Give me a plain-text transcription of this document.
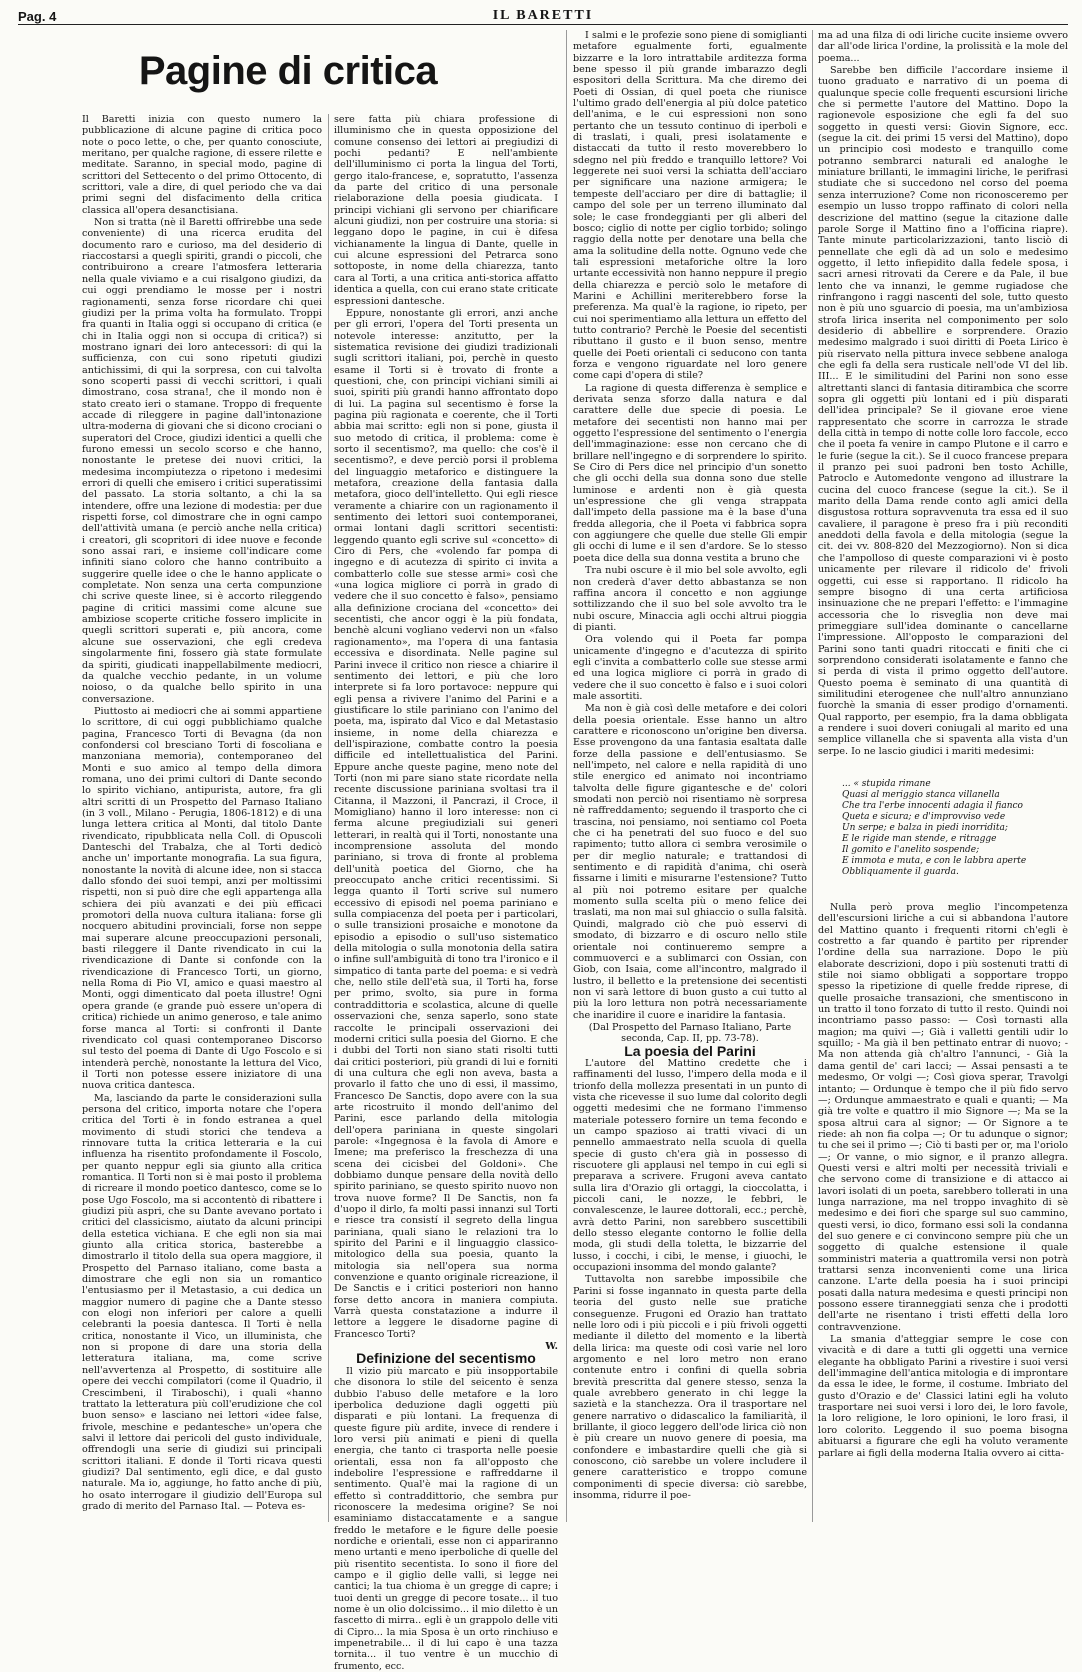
Pag. 4	IL BARETTI
Pagine di critica

Il Baretti inizia con questo numero la pubblicazione di alcune pagine di critica poco note o poco lette, o che, per quanto conosciute, meritano, per qualche ragione, di essere rilette e meditate. Saranno, in special modo, pagine di scrittori del Settecento o del primo Ottocento, di scrittori, vale a dire, di quel periodo che va dai primi segni del disfacimento della critica classica all'opera desanctisiana.

Non si tratta (nè il Baretti offrirebbe una sede conveniente) di una ricerca erudita del documento raro e curioso, ma del desiderio di riaccostarsi a quegli spiriti, grandi o piccoli, che contribuirono a creare l'atmosfera letteraria nella quale viviamo e a cui risalgono giudizi, da cui oggi prendiamo le mosse per i nostri ragionamenti, senza forse ricordare chi quei giudizi per la prima volta ha formulato. Troppi fra quanti in Italia oggi si occupano di critica (e chi in Italia oggi non si occupa di critica?) si mostrano ignari dei loro antecessori: di qui la sufficienza, con cui sono ripetuti giudizi antichissimi, di qui la sorpresa, con cui talvolta sono scoperti passi di vecchi scrittori, i quali dimostrano, cosa strana!, che il mondo non è stato creato ieri o stamane. Troppo di frequente accade di rileggere in pagine dall'intonazione ultra-moderna di giovani che si dicono crociani o superatori del Croce, giudizi identici a quelli che furono emessi un secolo scorso e che hanno, nonostante le pretese dei nuovi critici, la medesima incompiutezza o ripetono i medesimi errori di quelli che emisero i critici superatissimi del passato. La storia soltanto, a chi la sa intendere, offre una lezione di modestia: per due rispetti forse, col dimostrare che in ogni campo dell'attività umana (e perciò anche nella critica) i creatori, gli scopritori di idee nuove e feconde sono assai rari, e insieme coll'indicare come infiniti siano coloro che hanno contribuito a suggerire quelle idee o che le hanno applicate o completate. Non senza una certa compunzione chi scrive queste linee, si è accorto rileggendo pagine di critici massimi come alcune sue ambiziose scoperte critiche fossero implicite in quegli scrittori superati e, più ancora, come alcune sue osservazioni, che egli credeva singolarmente fini, fossero già state formulate da spiriti, giudicati inappellabilmente mediocri, da qualche vecchio pedante, in un volume noioso, o da qualche bello spirito in una conversazione.

Piuttosto ai mediocri che ai sommi appartiene lo scrittore, di cui oggi pubblichiamo qualche pagina, Francesco Torti di Bevagna (da non confondersi col bresciano Torti di foscoliana e manzoniana memoria), contemporaneo del Monti e suo amico al tempo della dimora romana, uno dei primi cultori di Dante secondo lo spirito vichiano, antipurista, autore, fra gli altri scritti di un Prospetto del Parnaso Italiano (in 3 voll., Milano - Perugia, 1806-1812) e di una lunga lettera critica al Monti, dal titolo Dante rivendicato, ripubblicata nella Coll. di Opuscoli Danteschi del Trabalza, che al Torti dedicò anche un' importante monografia. La sua figura, nonostante la novità di alcune idee, non si stacca dallo sfondo dei suoi tempi, anzi per moltissimi rispetti, non si può dire che egli appartenga alla schiera dei più avanzati e dei più efficaci promotori della nuova cultura italiana: forse gli nocquero abitudini provinciali, forse non seppe mai superare alcune preoccupazioni personali, basti rileggere il Dante rivendicato in cui la rivendicazione di Dante si confonde con la rivendicazione di Francesco Torti, un giorno, nella Roma di Pio VI, amico e quasi maestro al Monti, oggi dimenticato dal poeta illustre! Ogni opera grande (e grande può essere un'opera di critica) richiede un animo generoso, e tale animo forse manca al Torti: si confronti il Dante rivendicato col quasi contemporaneo Discorso sul testo del poema di Dante di Ugo Foscolo e si intenderà perchè, nonostante la lettura del Vico, il Torti non potesse essere iniziatore di una nuova critica dantesca.

Ma, lasciando da parte le considerazioni sulla persona del critico, importa notare che l'opera critica del Torti è in fondo estranea a quel movimento di studi storici che tendeva a rinnovare tutta la critica letteraria e la cui influenza ha risentito profondamente il Foscolo, per quanto neppur egli sia giunto alla critica romantica. Il Torti non si è mai posto il problema di ricreare il mondo poetico dantesco, come se lo pose Ugo Foscolo, ma si accontentò di ribattere i giudizi più aspri, che su Dante avevano portato i critici del classicismo, aiutato da alcuni principi della estetica vichiana. E che egli non sia mai giunto alla critica storica, basterebbe a dimostrarlo il titolo della sua opera maggiore, il Prospetto del Parnaso italiano, come basta a dimostrare che egli non sia un romantico l'entusiasmo per il Metastasio, a cui dedica un maggior numero di pagine che a Dante stesso con elogi non inferiori per calore a quelli celebranti la poesia dantesca. Il Torti è nella critica, nonostante il Vico, un illuminista, che non si propone di dare una storia della letteratura italiana, ma, come scrive nell'avvertenza al Prospetto, di sostituire alle opere dei vecchi compilatori (come il Quadrio, il Crescimbeni, il Tiraboschi), i quali «hanno trattato la letteratura più coll'erudizione che col buon senso» e lasciano nei lettori «idee false, frivole, meschine e pedantesche» un'opera che salvi il lettore dai pericoli del gusto individuale, offrendogli una serie di giudizi sui principali scrittori italiani. E donde il Torti ricava questi giudizi? Dal sentimento, egli dice, e dal gusto naturale. Ma io, aggiunge, ho fatto anche di più, ho osato interrogare il giudizio dell'Europa sul grado di merito del Parnaso Ital. — Poteva es-

sere fatta più chiara professione di illuminismo che in questa opposizione del comune consenso dei lettori ai pregiudizi di pochi pedanti? E nell'ambiente dell'illuminismo ci porta la lingua del Torti, gergo italo-francese, e, sopratutto, l'assenza da parte del critico di una personale rielaborazione della poesia giudicata. I principi vichiani gli servono per chiarificare alcuni giudizi, non per costruire una storia: si leggano dopo le pagine, in cui è difesa vichianamente la lingua di Dante, quelle in cui alcune espressioni del Petrarca sono sottoposte, in nome della chiarezza, tanto cara al Torti, a una critica anti-storica affatto identica a quella, con cui erano state criticate espressioni dantesche.

Eppure, nonostante gli errori, anzi anche per gli errori, l'opera del Torti presenta un notevole interesse: anzitutto, per la sistematica revisione dei giudizi tradizionali sugli scrittori italiani, poi, perchè in questo esame il Torti si è trovato di fronte a questioni, che, con principi vichiani simili ai suoi, spiriti più grandi hanno affrontato dopo di lui. La pagina sul secentismo è forse la pagina più ragionata e coerente, che il Torti abbia mai scritto: egli non si pone, giusta il suo metodo di critica, il problema: come è sorto il secentismo?, ma quello: che cos'è il secentismo?, e deve perciò porsi il problema del linguaggio metaforico e distinguere la metafora, creazione della fantasia dalla metafora, gioco dell'intelletto. Qui egli riesce veramente a chiarire con un ragionamento il sentimento dei lettori suoi contemporanei, ormai lontani dagli scrittori secentisti: leggendo quanto egli scrive sul «concetto» di Ciro di Pers, che «volendo far pompa di ingegno e di acutezza di spirito ci invita a combatterlo colle sue stesse armi» così che «una logica migliore ci porrà in grado di vedere che il suo concetto è falso», pensiamo alla definizione crociana del «concetto» dei secentisti, che ancor oggi è la più fondata, benchè alcuni vogliano vedervi non un «falso ragionamento», ma l'opera di una fantasia eccessiva e disordinata. Nelle pagine sul Parini invece il critico non riesce a chiarire il sentimento dei lettori, e più che loro interprete si fa loro portavoce: neppure qui egli pensa a rivivere l'animo del Parini e a giustificare lo stile pariniano con l'animo del poeta, ma, ispirato dal Vico e dal Metastasio insieme, in nome della chiarezza e dell'ispirazione, combatte contro la poesia difficile ed intellettualistica del Parini. Eppure anche queste pagine, meno note del Torti (non mi pare siano state ricordate nella recente discussione pariniana svoltasi tra il Citanna, il Mazzoni, il Pancrazi, il Croce, il Momigliano) hanno il loro interesse: non ci ferma alcune pregiudiziali sui generi letterari, in realtà qui il Torti, nonostante una incomprensione assoluta del mondo pariniano, si trova di fronte al problema dell'unità poetica del Giorno, che ha preoccupato anche critici recentissimi. Si legga quanto il Torti scrive sul numero eccessivo di episodi nel poema pariniano e sulla compiacenza del poeta per i particolari, o sulle transizioni prosaiche e monotone da episodio a episodio o sull'uso sistematico della mitologia o sulla monotonia della satira o infine sull'ambiguità di tono tra l'ironico e il simpatico di tanta parte del poema: e si vedrà che, nello stile dell'età sua, il Torti ha, forse per primo, svolto, sia pure in forma contraddittoria e scolastica, alcune di quelle osservazioni che, senza saperlo, sono state raccolte le principali osservazioni dei moderni critici sulla poesia del Giorno. E che i dubbi del Torti non siano stati risolti tutti dai critici posteriori, più grandi di lui e forniti di una cultura che egli non aveva, basta a provarlo il fatto che uno di essi, il massimo, Francesco De Sanctis, dopo avere con la sua arte ricostruito il mondo dell'animo del Parini, esce parlando della mitologia dell'opera pariniana in queste singolari parole: «Ingegnosa è la favola di Amore e Imene; ma preferisco la freschezza di una scena dei cicisbei del Goldoni». Che dobbiamo dunque pensare della novità dello spirito pariniano, se questo spirito nuovo non trova nuove forme? Il De Sanctis, non fa d'uopo il dirlo, fa molti passi innanzi sul Torti e riesce tra consistí il segreto della lingua pariniana, quali siano le relazioni tra lo spirito del Parini e il linguaggio classico-mitologico della sua poesia, quanto la mitologia sia nell'opera sua norma convenzione e quanto originale ricreazione, il De Sanctis e i critici posteriori non hanno forse detto ancora in maniera compiuta. Varrà questa constatazione a indurre il lettore a leggere le disadorne pagine di Francesco Torti?

W.

Definizione del secentismo

Il vizio più marcato e più insopportabile che disonora lo stile del seicento è senza dubbio l'abuso delle metafore e la loro iperbolica deduzione dagli oggetti più disparati e più lontani. La frequenza di queste figure più ardite, invece di rendere i loro versi più animati e pieni di quella energia, che tanto ci trasporta nelle poesie orientali, essa non fa all'opposto che indebolire l'espressione e raffreddarne il sentimento. Qual'è mai la ragione di un effetto sì contraddittorio, che sembra pur riconoscere la medesima origine? Se noi esaminiamo distaccatamente e a sangue freddo le metafore e le figure delle poesie nordiche e orientali, esse non ci appariranno meno urtanti e meno iperboliche di quelle del più risentito secentista. Io sono il fiore del campo e il giglio delle valli, si legge nei cantici; la tua chioma è un gregge di capre; i tuoi denti un gregge di pecore tosate... il tuo nome è un olio dolcissimo... il mio diletto è un fascetto di mirra.. egli è un grappolo delle viti di Cipro... la mia Sposa è un orto rinchiuso e impenetrabile... il di lui capo è una tazza tornita... il tuo ventre è un mucchio di frumento, ecc.

I salmi e le profezie sono piene di somiglianti metafore egualmente forti, egualmente bizzarre e la loro intrattabile arditezza forma bene spesso il più grande imbarazzo degli espositori della Scrittura. Ma che diremo dei Poeti di Ossian, di quel poeta che riunisce l'ultimo grado dell'energia al più dolce patetico dell'anima, e le cui espressioni non sono pertanto che un tessuto continuo di iperboli e di traslati, i quali, presi isolatamente e distaccati da tutto il resto moverebbero lo sdegno nel più freddo e tranquillo lettore? Voi leggerete nei suoi versi la schiatta dell'acciaro per significare una nazione armigera; le tempeste dell'acciaro per dire di battaglie; il campo del sole per un terreno illuminato dal sole; le case frondeggianti per gli alberi del bosco; ciglio di notte per ciglio torbido; solingo raggio della notte per denotare una bella che ama la solitudine della notte. Ognuno vede che tali espressioni metaforiche oltre la loro urtante eccessività non hanno neppure il pregio della chiarezza e perciò solo le metafore di Marini e Achillini meriterebbero forse la preferenza. Ma qual'è la ragione, io ripeto, per cui noi sperimentiamo alla lettura un effetto del tutto contrario? Perchè le Poesie del secentisti ributtano il gusto e il buon senso, mentre quelle dei Poeti orientali ci seducono con tanta forza e vengono riguardate nel loro genere come capi d'opera di stile?

La ragione di questa differenza è semplice e derivata senza sforzo dalla natura e dal carattere delle due specie di poesia. Le metafore dei secentisti non hanno mai per oggetto l'espressione del sentimento o l'energia dell'immaginazione: esse non cercano che di brillare nell'ingegno e di sorprendere lo spirito. Se Ciro di Pers dice nel principio d'un sonetto che gli occhi della sua donna sono due stelle luminose e ardenti non è già questa un'espressione che gli venga strappata dall'impeto della passione ma è la base d'una fredda allegoria, che il Poeta vi fabbrica sopra con aggiungere che quelle due stelle Gli empir gli occhi di lume e il sen d'ardore. Se lo stesso poeta dice della sua donna vestita a bruno che

Tra nubi oscure è il mio bel sole avvolto, egli non crederà d'aver detto abbastanza se non raffina ancora il concetto e non aggiunge sottilizzando che il suo bel sole avvolto tra le nubi oscure, Minaccia agli occhi altrui pioggia di pianti.

Ora volendo qui il Poeta far pompa unicamente d'ingegno e d'acutezza di spirito egli c'invita a combatterlo colle sue stesse armi ed una logica migliore ci porrà in grado di vedere che il suo concetto è falso e i suoi colori male assortiti.

Ma non è già così delle metafore e dei colori della poesia orientale. Esse hanno un altro carattere e riconoscono un'origine ben diversa. Esse provengono da una fantasia esaltata dalle forze della passione e dell'entusiasmo. Se nell'impeto, nel calore e nella rapidità di uno stile energico ed animato noi incontriamo talvolta delle figure gigantesche e de' colori smodati non perciò noi risentiamo nè sorpresa nè raffreddamento; seguendo il trasporto che ci trascina, noi pensiamo, noi sentiamo col Poeta che ci ha penetrati del suo fuoco e del suo rapimento; tutto allora ci sembra verosimile o per dir meglio naturale; e trattandosi di sentimento e di rapidità d'anima, chi oserà fissarne i limiti e misurarne l'estensione? Tutto al più noi potremo esitare per qualche momento sulla scelta più o meno felice dei traslati, ma non mai sul ghiaccio o sulla falsità. Quindi, malgrado ciò che può esservi di smodato, di bizzarro e di oscuro nello stile orientale noi continueremo sempre a commuoverci e a sublimarci con Ossian, con Giob, con Isaia, come all'incontro, malgrado il lustro, il belletto e la pretensione dei secentisti non vi sarà lettore di buon gusto a cui tutto al più la loro lettura non potrà necessariamente che inaridire il cuore e inaridire la fantasia.

(Dal Prospetto del Parnaso Italiano, Parte seconda, Cap. II, pp. 73-78).

La poesia del Parini

L'autore del Mattino credette che i raffinamenti del lusso, l'impero della moda e il trionfo della mollezza presentati in un punto di vista che ricevesse il suo lume dal colorito degli oggetti medesimi che ne formano l'immenso materiale potessero fornire un tema fecondo e un campo spazioso ai tratti vivaci di un pennello ammaestrato nella scuola di quella specie di gusto ch'era già in possesso di riscuotere gli applausi nel tempo in cui egli si preparava a scrivere. Frugoni aveva cantato sulla lira d'Orazio gli ortaggi, la cioccolatta, i piccoli cani, le nozze, le febbri, le convalescenze, le lauree dottorali, ecc.; perchè, avrà detto Parini, non sarebbero suscettibili dello stesso elegante contorno le follie della moda, gli studi della toletta, le bizzarrie del lusso, i cocchi, i cibi, le mense, i giuochi, le occupazioni insomma del mondo galante?

Tuttavolta non sarebbe impossibile che Parini si fosse ingannato in questa parte della teoria del gusto nelle sue pratiche conseguenze. Frugoni ed Orazio han trattato nelle loro odi i più piccoli e i più frivoli oggetti mediante il diletto del momento e la libertà della lirica: ma queste odi così varie nel loro argomento e nel loro metro non erano contenute entro i confini di quella sobria brevità prescritta dal genere stesso, senza la quale avrebbero generato in chi legge la sazietà e la stanchezza. Ora il trasportare nel genere narrativo o didascalico la familiarità, il brillante, il gioco leggero dell'ode lirica ciò non è più creare un nuovo genere di poesia, ma confondere e imbastardire quelli che già si conoscono, ciò sarebbe un volere includere il genere caratteristico e troppo comune componimenti di specie diversa: ciò sarebbe, insomma, ridurre il poe-

ma ad una filza di odi liriche cucite insieme ovvero dar all'ode lirica l'ordine, la prolissità e la mole del poema...

Sarebbe ben difficile l'accordare insieme il tuono graduato e narrativo di un poema di qualunque specie colle frequenti escursioni liriche che si permette l'autore del Mattino. Dopo la ragionevole esposizione che egli fa del suo soggetto in questi versi: Giovin Signore, ecc. (segue la cit. dei primi 15 versi del Mattino), dopo un principio così modesto e tranquillo come potranno sembrarci naturali ed analoghe le miniature brillanti, le immagini liriche, le perifrasi studiate che si succedono nel corso del poema senza interruzione? Come non riconosceremo per esempio un lusso troppo raffinato di colori nella descrizione del mattino (segue la citazione dalle parole Sorge il Mattino fino a l'officina riapre). Tante minute particolarizzazioni, tanto lisciò di pennellate che egli dà ad un solo e medesimo oggetto, il letto infiepidito dalla fedele sposa, i sacri arnesi ritrovati da Cerere e da Pale, il bue lento che va innanzi, le gemme rugiadose che rinfrangono i raggi nascenti del sole, tutto questo non è più uno sguarcio di poesia, ma un'ambiziosa strofa lirica inserita nel componimento per solo desiderio di abbellire e sorprendere. Orazio medesimo malgrado i suoi diritti di Poeta Lirico è più riservato nella pittura invece sebbene analoga che egli fa della sera rusticale nell'ode VI del lib. III... E le similitudini del Parini non sono esse altrettanti slanci di fantasia ditirambica che scorre sopra gli oggetti più lontani ed i più disparati dell'idea principale? Se il giovane eroe viene rappresentato che scorre in carrozza le strade della città in tempo di notte colle loro faccole, ecco che il poeta fa venire in campo Plutone e il carro e le furie (segue la cit.). Se il cuoco francese prepara il pranzo pei suoi padroni ben tosto Achille, Patroclo e Automedonte vengono ad illustrare la cucina del cuoco francese (segue la cit.). Se il marito della Dama rende conto agli amici della disgustosa rottura sopravvenuta tra essa ed il suo cavaliere, il paragone è preso fra i più reconditi aneddoti della favola e della mitologia (segue la cit. dei vv. 808-820 del Mezzogiorno). Non si dica che l'ampolloso di queste comparazioni vi è posto unicamente per rilevare il ridicolo de' frivoli oggetti, cui esse si rapportano. Il ridicolo ha sempre bisogno di una certa artificiosa insinuazione che ne prepari l'effetto: e l'immagine accessoria che lo risveglia non deve mai primeggiare sull'idea dominante o cancellarne l'impressione. All'opposto le comparazioni del Parini sono tanti quadri ritoccati e finiti che ci sorprendono considerati isolatamente e fanno che si perda di vista il primo oggetto dell'autore. Questo poema è seminato di una quantità di similitudini eterogenee che null'altro annunziano fuorchè la smania di esser prodigo d'ornamenti. Qual rapporto, per esempio, fra la dama obbligata a rendere i suoi doveri coniugali al marito ed una semplice villanella che si spaventa alla vista d'un serpe. Io ne lascio giudici i mariti medesimi:

... « stupida rimane
Quasi al meriggio stanca villanella
Che tra l'erbe innocenti adagia il fianco
Queta e sicura; e d'improvviso vede
Un serpe; e balza in piedi inorridita;
E le rigide man stende, e ritragge
Il gomito e l'anelito sospende;
E immota e muta, e con le labbra aperte
Obbliquamente il guarda.

Nulla però prova meglio l'incompetenza dell'escursioni liriche a cui si abbandona l'autore del Mattino quanto i frequenti ritorni ch'egli è costretto a far quando è partito per riprender l'ordine della sua narrazione. Dopo le più elaborate descrizioni, dopo i più sostenuti tratti di stile noi siamo obbligati a sopportare troppo spesso la ripetizione di quelle fredde riprese, di quelle prosaiche transazioni, che smentiscono in un tratto il tono forzato di tutto il resto. Quindi noi incontriamo passo passo: — Così tornasti alla magion; ma quivi —; Già i valletti gentili udir lo squillo; - Ma già il ben pettinato entrar di nuovo; - Ma non attenda già ch'altro l'annunci, - Già la dama gentil de' cari lacci; — Assai pensasti a te medesmo, Or volgi —; Così giova sperar, Travolgi intanto; — Ordunque è tempo che il più fido servo —; Ordunque ammaestrato e quali e quanti; — Ma già tre volte e quattro il mio Signore —; Ma se la sposa altrui cara al signor; — Or Signore a te riede: ah non fia colpa —; Or tu adunque o signor; tu che sei il primo —; Ciò ti basti per or, ma l'oriolo —; Or vanne, o mio signor, e il pranzo allegra. Questi versi e altri molti per necessità triviali e che servono come di transizione e di attacco ai lavori isolati di un poeta, sarebbero tollerati in una lunga narrazione, ma nel troppo invaghito di sè medesimo e dei fiori che sparge sul suo cammino, questi versi, io dico, formano essi soli la condanna del suo genere e ci convincono sempre più che un soggetto di qualche estensione il quale somministri materia a quattromila versi non potrà trattarsi senza inconvenienti come una lirica canzone. L'arte della poesia ha i suoi principi posati dalla natura medesima e questi principi non possono essere tiranneggiati senza che i prodotti dell'arte ne risentano i tristi effetti della loro contravvenzione.

La smania d'atteggiar sempre le cose con vivacità e di dare a tutti gli oggetti una vernice elegante ha obbligato Parini a rivestire i suoi versi dell'immagine dell'antica mitologia e di improntare da essa le idee, le forme, il costume. Imbriato del gusto d'Orazio e de' Classici latini egli ha voluto trasportare nei suoi versi i loro dei, le loro favole, la loro religione, le loro opinioni, le loro frasi, il loro colorito. Leggendo il suo poema bisogna abituarsi a figurare che egli ha voluto veramente parlare ai figli della moderna Italia ovvero ai citta-
